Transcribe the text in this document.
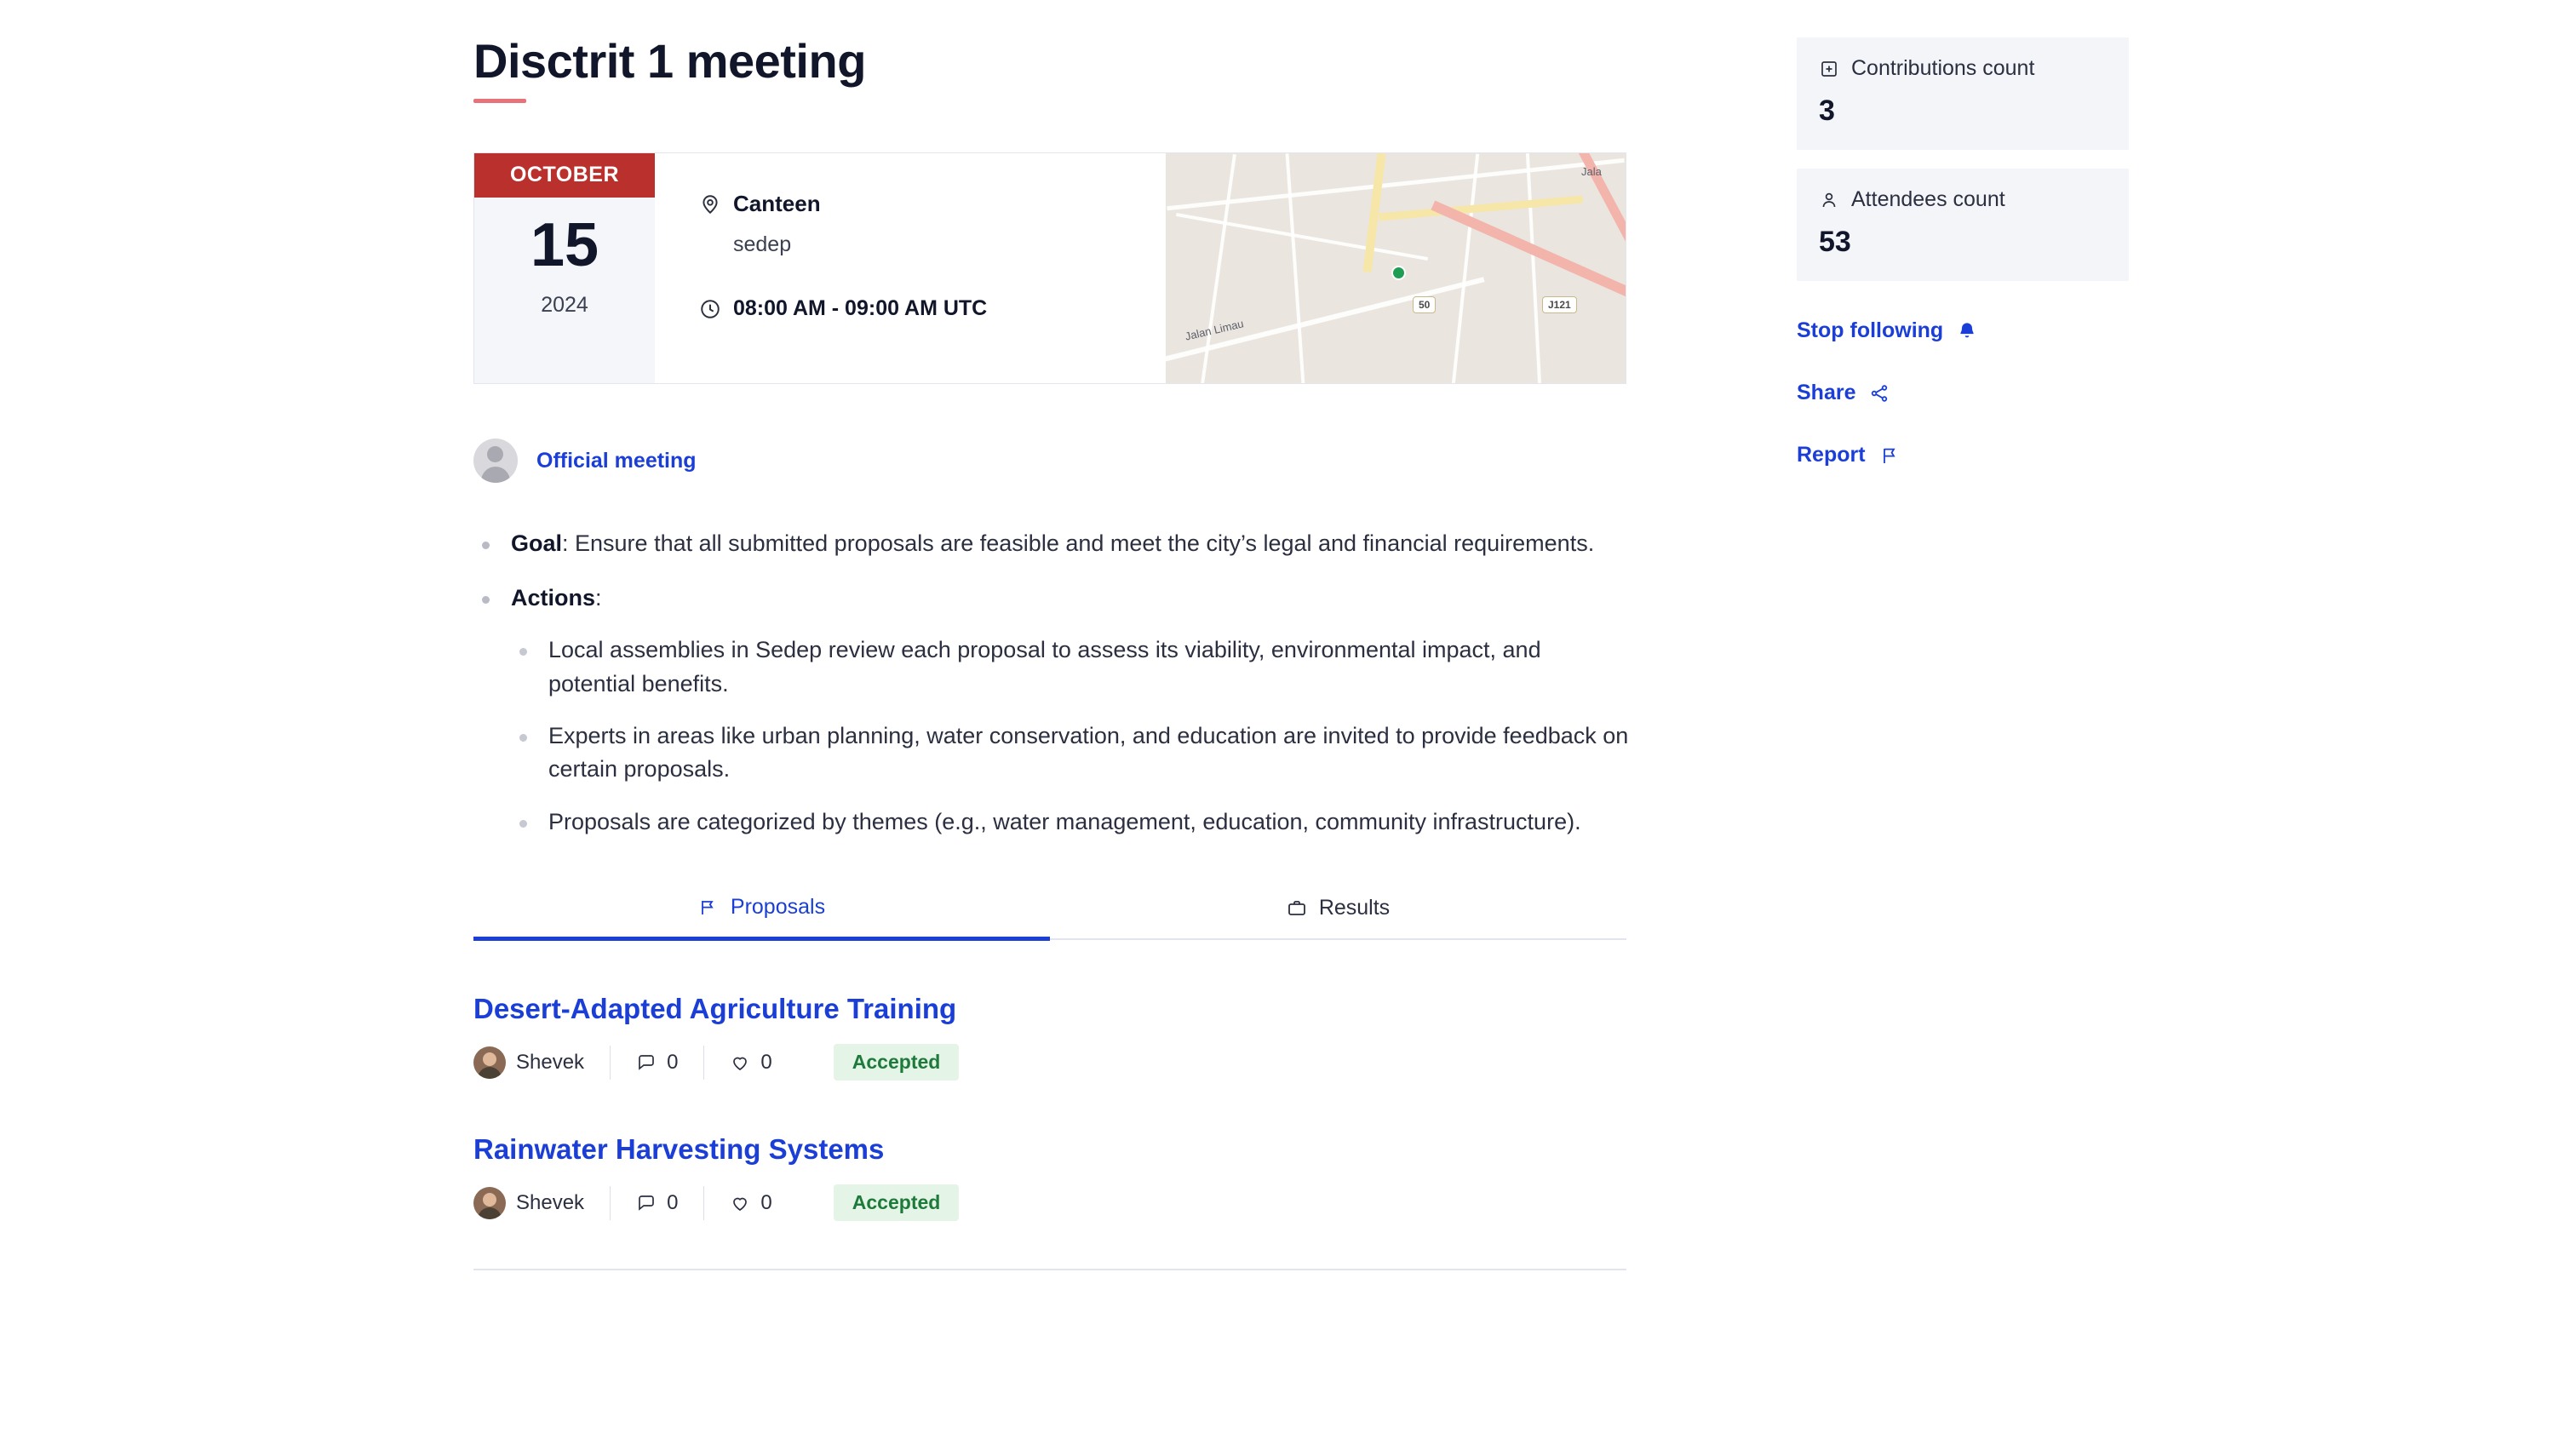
Disctrit 1 meeting
OCTOBER
15
2024
Canteen
sedep
08:00 AM - 09:00 AM UTC
Jalan Limau
Jala
50	J121
Official meeting
Goal: Ensure that all submitted proposals are feasible and meet the city’s legal and financial requirements.
Actions:
Local assemblies in Sedep review each proposal to assess its viability, environmental impact, and potential benefits.
Experts in areas like urban planning, water conservation, and education are invited to provide feedback on certain proposals.
Proposals are categorized by themes (e.g., water management, education, community infrastructure).
Proposals	Results
Desert-Adapted Agriculture Training
Shevek	0	0	Accepted
Rainwater Harvesting Systems
Shevek	0	0	Accepted
Contributions count
3
Attendees count
53
Stop following
Share
Report
